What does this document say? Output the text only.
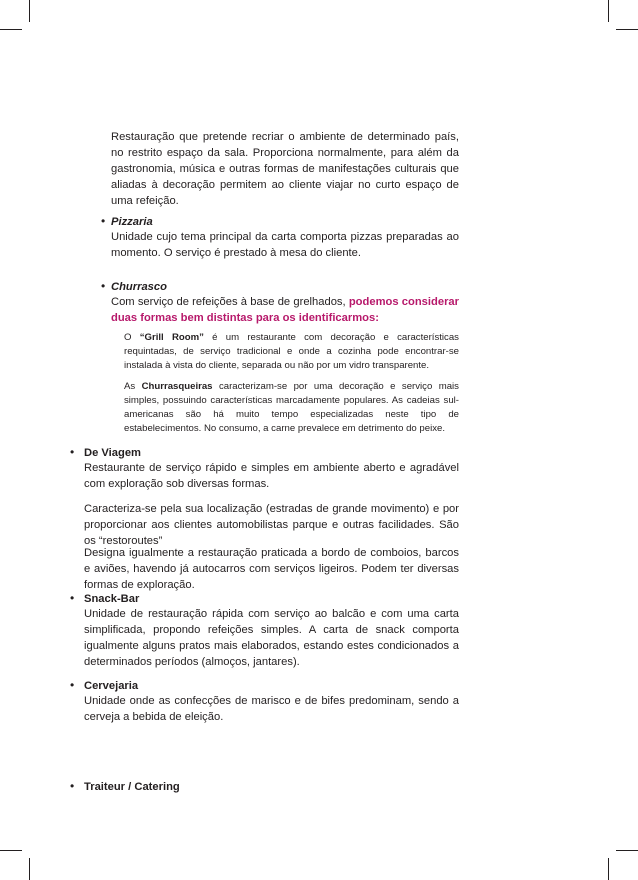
Restauração que pretende recriar o ambiente de determinado país, no restrito espaço da sala. Proporciona normalmente, para além da gastronomia, música e outras formas de manifestações culturais que aliadas à decoração permitem ao cliente viajar no curto espaço de uma refeição.

• Pizzaria

Unidade cujo tema principal da carta comporta pizzas preparadas ao momento. O serviço é prestado à mesa do cliente.

• Churrasco

Com serviço de refeições à base de grelhados, podemos considerar duas formas bem distintas para os identificarmos:

O “Grill Room” é um restaurante com decoração e características requintadas, de serviço tradicional e onde a cozinha pode encontrar-se instalada à vista do cliente, separada ou não por um vidro transparente.

As Churrasqueiras caracterizam-se por uma decoração e serviço mais simples, possuindo características marcadamente populares. As cadeias sul-americanas são há muito tempo especializadas neste tipo de estabelecimentos. No consumo, a carne prevalece em detrimento do peixe.

• De Viagem

Restaurante de serviço rápido e simples em ambiente aberto e agradável com exploração sob diversas formas.

Caracteriza-se pela sua localização (estradas de grande movimento) e por proporcionar aos clientes automobilistas parque e outras facilidades. São os “restoroutes”

Designa igualmente a restauração praticada a bordo de comboios, barcos e aviões, havendo já autocarros com serviços ligeiros. Podem ter diversas formas de exploração.

• Snack-Bar

Unidade de restauração rápida com serviço ao balcão e com uma carta simplificada, propondo refeições simples. A carta de snack comporta igualmente alguns pratos mais elaborados, estando estes condicionados a determinados períodos (almoços, jantares).

• Cervejaria

Unidade onde as confecções de marisco e de bifes predominam, sendo a cerveja a bebida de eleição.

• Traiteur / Catering
